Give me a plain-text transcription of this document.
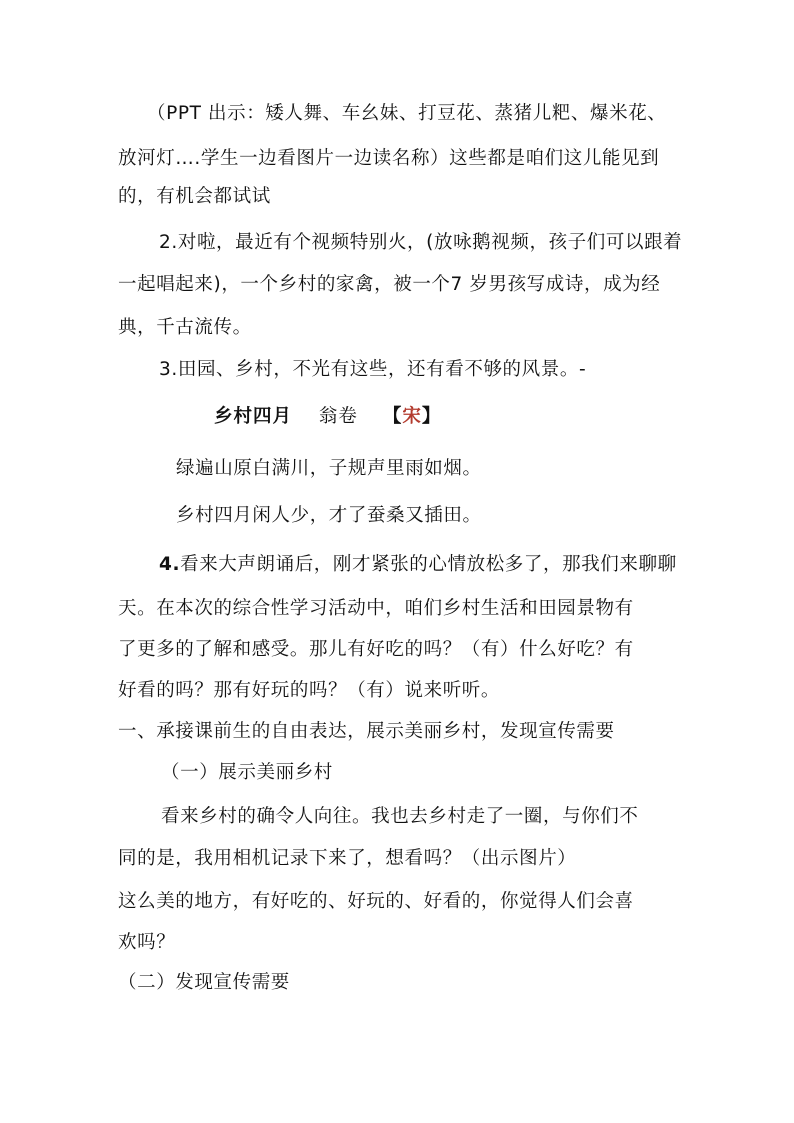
（PPT 出示：矮人舞、车幺妹、打豆花、蒸猪儿粑、爆米花、
放河灯….学生一边看图片一边读名称）这些都是咱们这儿能见到
的，有机会都试试
2.对啦，最近有个视频特别火，(放咏鹅视频，孩子们可以跟着
一起唱起来)，一个乡村的家禽，被一个7 岁男孩写成诗，成为经
典，千古流传。
3.田园、乡村，不光有这些，还有看不够的风景。-
乡村四月 翁卷 【宋】
绿遍山原白满川，子规声里雨如烟。
乡村四月闲人少，才了蚕桑又插田。
4.看来大声朗诵后，刚才紧张的心情放松多了，那我们来聊聊
天。在本次的综合性学习活动中，咱们乡村生活和田园景物有
了更多的了解和感受。那儿有好吃的吗？（有）什么好吃？有
好看的吗？那有好玩的吗？（有）说来听听。
一、承接课前生的自由表达，展示美丽乡村，发现宣传需要
（一）展示美丽乡村
看来乡村的确令人向往。我也去乡村走了一圈，与你们不
同的是，我用相机记录下来了，想看吗？（出示图片）
这么美的地方，有好吃的、好玩的、好看的，你觉得人们会喜
欢吗？
（二）发现宣传需要
